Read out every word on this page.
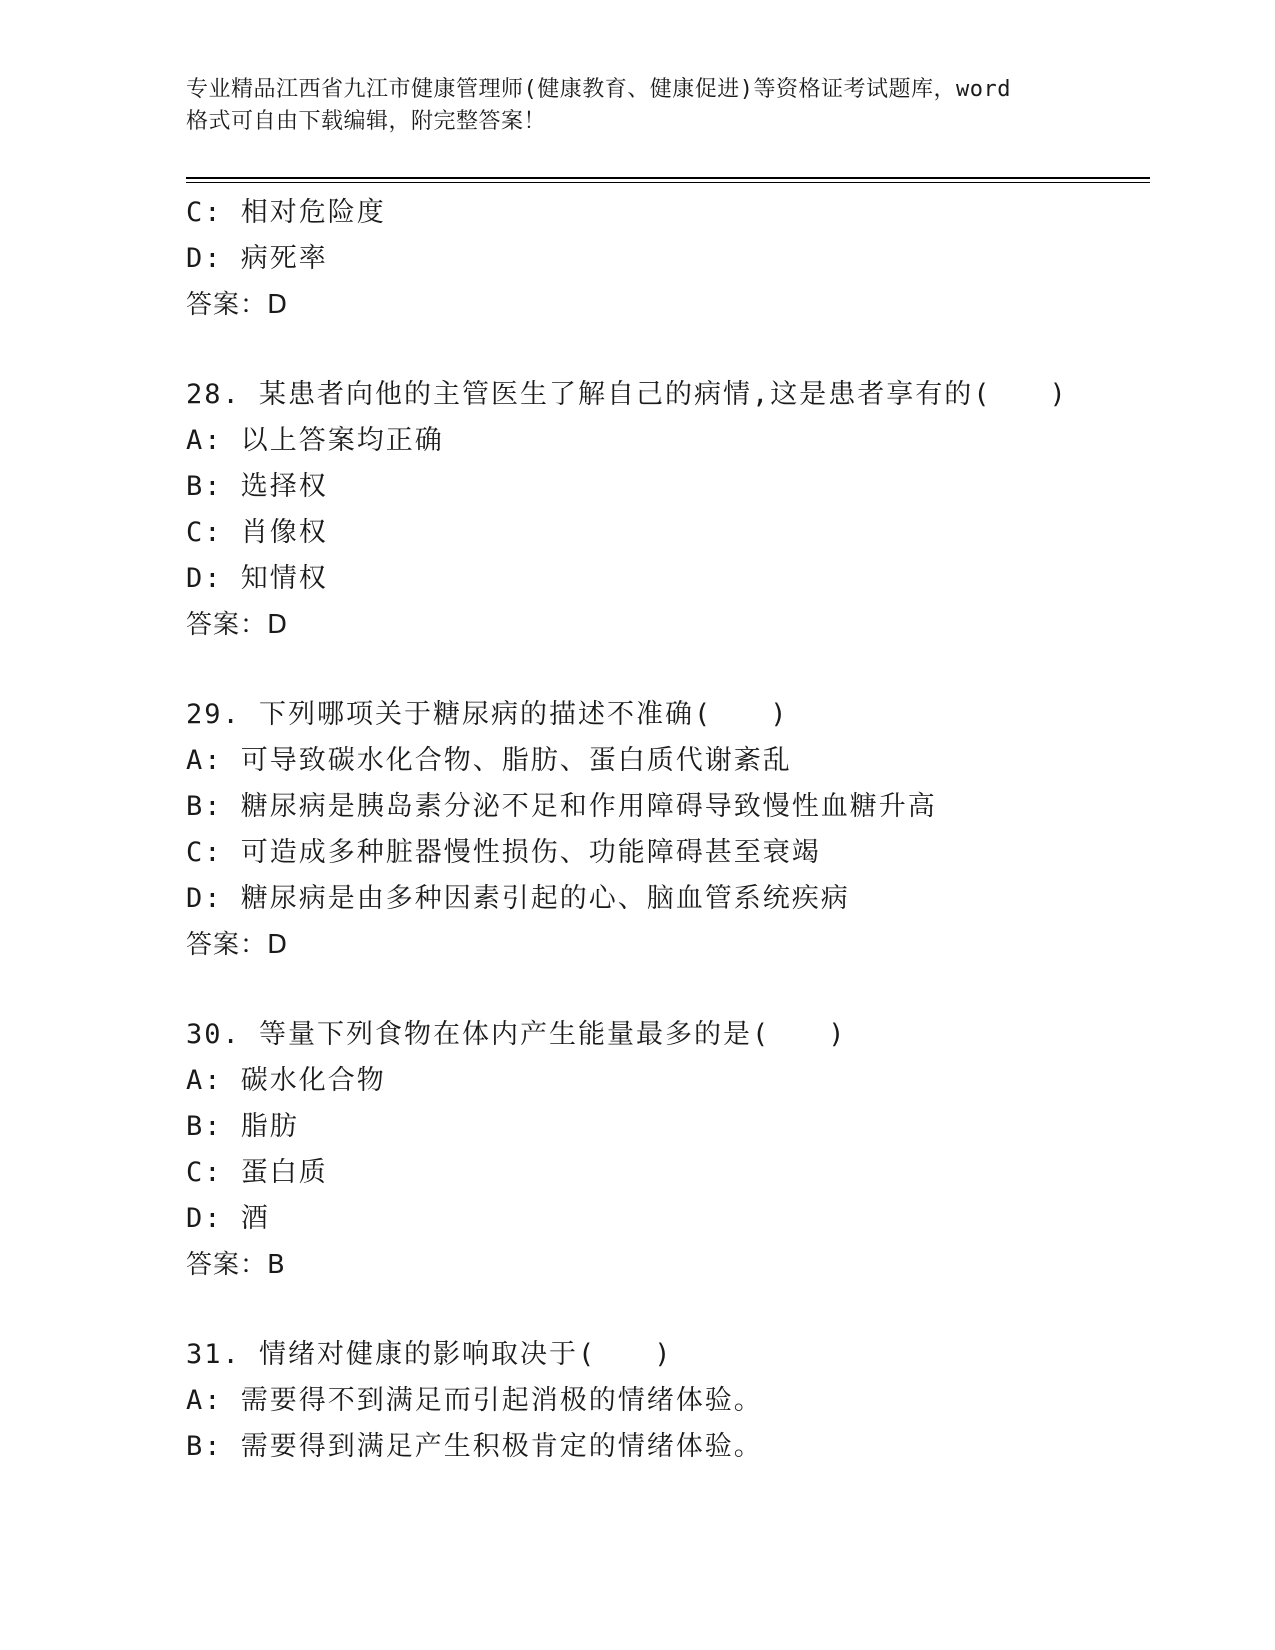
专业精品江西省九江市健康管理师(健康教育、健康促进)等资格证考试题库，word
格式可自由下载编辑，附完整答案！
C: 相对危险度
D: 病死率
答案：D
28. 某患者向他的主管医生了解自己的病情,这是患者享有的(　　)
A: 以上答案均正确
B: 选择权
C: 肖像权
D: 知情权
答案：D
29. 下列哪项关于糖尿病的描述不准确(　　)
A: 可导致碳水化合物、脂肪、蛋白质代谢紊乱
B: 糖尿病是胰岛素分泌不足和作用障碍导致慢性血糖升高
C: 可造成多种脏器慢性损伤、功能障碍甚至衰竭
D: 糖尿病是由多种因素引起的心、脑血管系统疾病
答案：D
30. 等量下列食物在体内产生能量最多的是(　　)
A: 碳水化合物
B: 脂肪
C: 蛋白质
D: 酒
答案：B
31. 情绪对健康的影响取决于(　　)
A: 需要得不到满足而引起消极的情绪体验。
B: 需要得到满足产生积极肯定的情绪体验。
